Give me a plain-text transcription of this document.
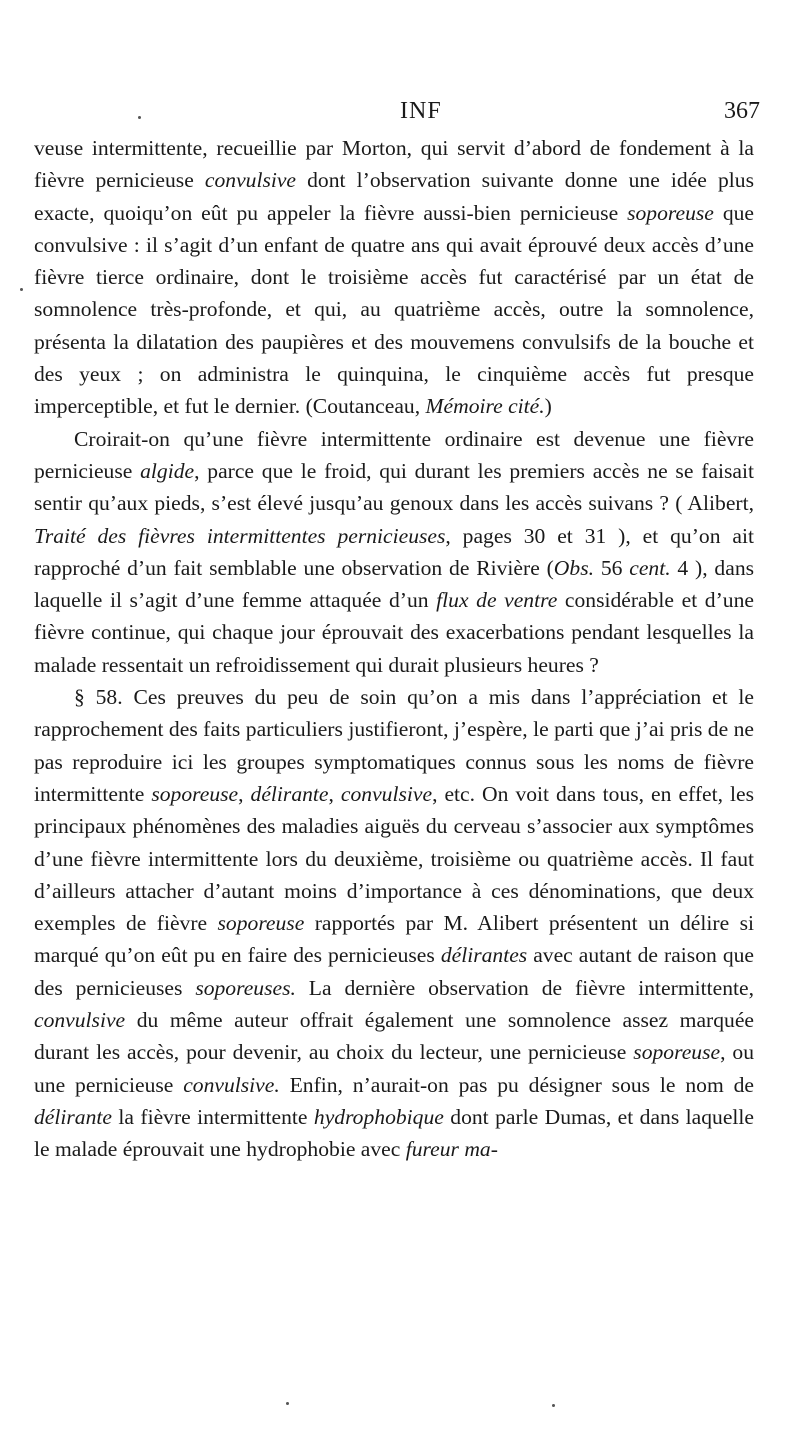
INF	367

veuse intermittente, recueillie par Morton, qui servit d’abord de fondement à la fièvre pernicieuse convulsive dont l’observation suivante donne une idée plus exacte, quoiqu’on eût pu appeler la fièvre aussi-bien pernicieuse soporeuse que convulsive : il s’agit d’un enfant de quatre ans qui avait éprouvé deux accès d’une fièvre tierce ordinaire, dont le troisième accès fut caractérisé par un état de somnolence très-profonde, et qui, au quatrième accès, outre la somnolence, présenta la dilatation des paupières et des mouvemens convulsifs de la bouche et des yeux ; on administra le quinquina, le cinquième accès fut presque imperceptible, et fut le dernier. (Coutanceau, Mémoire cité.)

Croirait-on qu’une fièvre intermittente ordinaire est devenue une fièvre pernicieuse algide, parce que le froid, qui durant les premiers accès ne se faisait sentir qu’aux pieds, s’est élevé jusqu’au genoux dans les accès suivans ? ( Alibert, Traité des fièvres intermittentes pernicieuses, pages 30 et 31 ), et qu’on ait rapproché d’un fait semblable une observation de Rivière (Obs. 56 cent. 4 ), dans laquelle il s’agit d’une femme attaquée d’un flux de ventre considérable et d’une fièvre continue, qui chaque jour éprouvait des exacerbations pendant lesquelles la malade ressentait un refroidissement qui durait plusieurs heures ?

§ 58. Ces preuves du peu de soin qu’on a mis dans l’appréciation et le rapprochement des faits particuliers justifieront, j’espère, le parti que j’ai pris de ne pas reproduire ici les groupes symptomatiques connus sous les noms de fièvre intermittente soporeuse, délirante, convulsive, etc. On voit dans tous, en effet, les principaux phénomènes des maladies aiguës du cerveau s’associer aux symptômes d’une fièvre intermittente lors du deuxième, troisième ou quatrième accès. Il faut d’ailleurs attacher d’autant moins d’importance à ces dénominations, que deux exemples de fièvre soporeuse rapportés par M. Alibert présentent un délire si marqué qu’on eût pu en faire des pernicieuses délirantes avec autant de raison que des pernicieuses soporeuses. La dernière observation de fièvre intermittente, convulsive du même auteur offrait également une somnolence assez marquée durant les accès, pour devenir, au choix du lecteur, une pernicieuse soporeuse, ou une pernicieuse convulsive. Enfin, n’aurait-on pas pu désigner sous le nom de délirante la fièvre intermittente hydrophobique dont parle Dumas, et dans laquelle le malade éprouvait une hydrophobie avec fureur ma-
